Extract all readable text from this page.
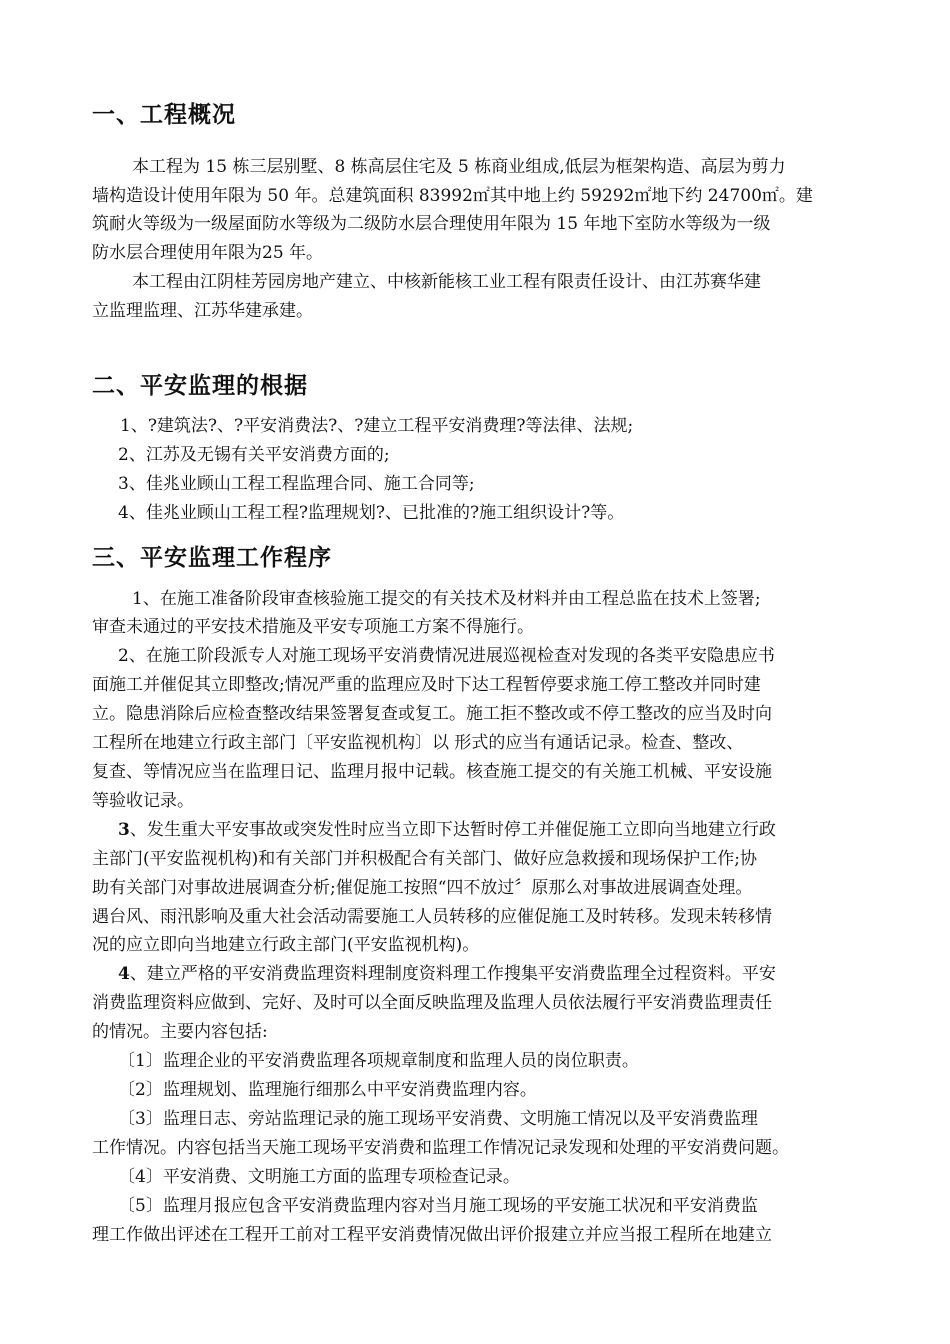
一、工程概况
本工程为 15 栋三层别墅、8 栋高层住宅及 5 栋商业组成,低层为框架构造、高层为剪力
墙构造设计使用年限为 50 年。总建筑面积 83992㎡其中地上约 59292㎡地下约 24700㎡。建
筑耐火等级为一级屋面防水等级为二级防水层合理使用年限为 15 年地下室防水等级为一级
防水层合理使用年限为25 年。
本工程由江阴桂芳园房地产建立、中核新能核工业工程有限责任设计、由江苏赛华建
立监理监理、江苏华建承建。
二、平安监理的根据
1、?建筑法?、?平安消费法?、?建立工程平安消费理?等法律、法规;
2、江苏及无锡有关平安消费方面的;
3、佳兆业顾山工程工程监理合同、施工合同等;
4、佳兆业顾山工程工程?监理规划?、已批准的?施工组织设计?等。
三、平安监理工作程序
1、在施工准备阶段审查核验施工提交的有关技术及材料并由工程总监在技术上签署;
审查未通过的平安技术措施及平安专项施工方案不得施行。
2、在施工阶段派专人对施工现场平安消费情况进展巡视检查对发现的各类平安隐患应书
面施工并催促其立即整改;情况严重的监理应及时下达工程暂停要求施工停工整改并同时建
立。隐患消除后应检查整改结果签署复查或复工。施工拒不整改或不停工整改的应当及时向
工程所在地建立行政主部门〔平安监视机构〕以 形式的应当有通话记录。检查、整改、
复查、等情况应当在监理日记、监理月报中记载。核查施工提交的有关施工机械、平安设施
等验收记录。
3、发生重大平安事故或突发性时应当立即下达暂时停工并催促施工立即向当地建立行政
主部门(平安监视机构)和有关部门并积极配合有关部门、做好应急救援和现场保护工作;协
助有关部门对事故进展调查分析;催促施工按照“四不放过〞原那么对事故进展调查处理。
遇台风、雨汛影响及重大社会活动需要施工人员转移的应催促施工及时转移。发现未转移情
况的应立即向当地建立行政主部门(平安监视机构)。
4、建立严格的平安消费监理资料理制度资料理工作搜集平安消费监理全过程资料。平安
消费监理资料应做到、完好、及时可以全面反映监理及监理人员依法履行平安消费监理责任
的情况。主要内容包括:
〔1〕监理企业的平安消费监理各项规章制度和监理人员的岗位职责。
〔2〕监理规划、监理施行细那么中平安消费监理内容。
〔3〕监理日志、旁站监理记录的施工现场平安消费、文明施工情况以及平安消费监理
工作情况。内容包括当天施工现场平安消费和监理工作情况记录发现和处理的平安消费问题。
〔4〕平安消费、文明施工方面的监理专项检查记录。
〔5〕监理月报应包含平安消费监理内容对当月施工现场的平安施工状况和平安消费监
理工作做出评述在工程开工前对工程平安消费情况做出评价报建立并应当报工程所在地建立
